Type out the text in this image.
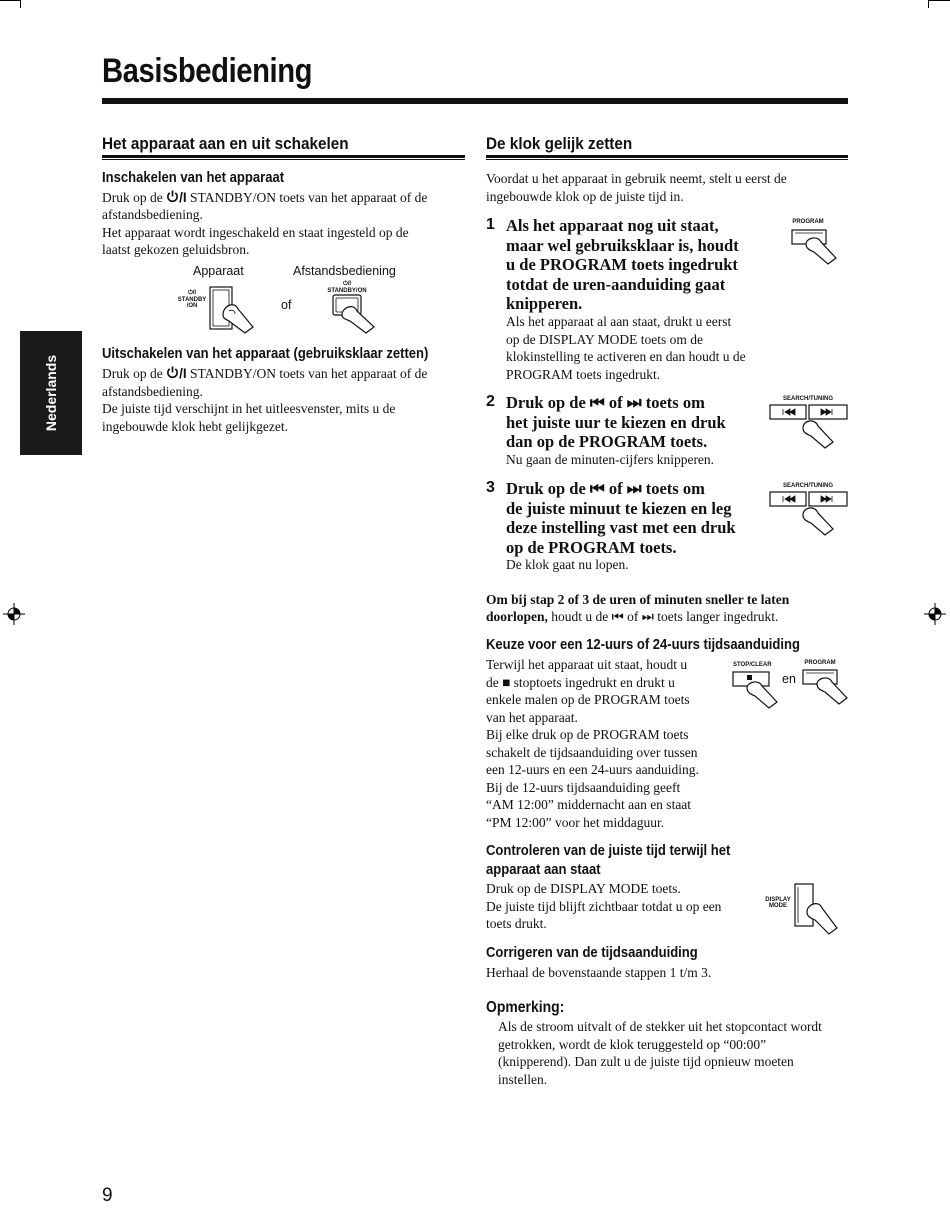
Basisbediening
Nederlands
Het apparaat aan en uit schakelen
Inschakelen van het apparaat
Druk op de /I STANDBY/ON toets van het apparaat of de
afstandsbediening.
Het apparaat wordt ingeschakeld en staat ingesteld op de
laatst gekozen geluidsbron.
Apparaat	Afstandsbediening
⏻/I
STANDBY
/ON	of
⏻/I
STANDBY/ON
Uitschakelen van het apparaat (gebruiksklaar zetten)
Druk op de /I STANDBY/ON toets van het apparaat of de
afstandsbediening.
De juiste tijd verschijnt in het uitleesvenster, mits u de
ingebouwde klok hebt gelijkgezet.
De klok gelijk zetten
Voordat u het apparaat in gebruik neemt, stelt u eerst de
ingebouwde klok op de juiste tijd in.
1 Als het apparaat nog uit staat,
maar wel gebruiksklaar is, houdt
u de PROGRAM toets ingedrukt
totdat de uren-aanduiding gaat
knipperen.
Als het apparaat al aan staat, drukt u eerst
op de DISPLAY MODE toets om de
klokinstelling te activeren en dan houdt u de
PROGRAM toets ingedrukt.
PROGRAM
2 Druk op de ⏮ of ⏭ toets om
het juiste uur te kiezen en druk
dan op de PROGRAM toets.
Nu gaan de minuten-cijfers knipperen.
SEARCH/TUNING
3 Druk op de ⏮ of ⏭ toets om
de juiste minuut te kiezen en leg
deze instelling vast met een druk
op de PROGRAM toets.
De klok gaat nu lopen.
SEARCH/TUNING
Om bij stap 2 of 3 de uren of minuten sneller te laten
doorlopen, houdt u de ⏮ of ⏭ toets langer ingedrukt.
Keuze voor een 12-uurs of 24-uurs tijdsaanduiding
Terwijl het apparaat uit staat, houdt u
de ■ stoptoets ingedrukt en drukt u
enkele malen op de PROGRAM toets
van het apparaat.
Bij elke druk op de PROGRAM toets
schakelt de tijdsaanduiding over tussen
een 12-uurs en een 24-uurs aanduiding.
Bij de 12-uurs tijdsaanduiding geeft
“AM 12:00” middernacht aan en staat
“PM 12:00” voor het middaguur.
STOP/CLEAR
en
PROGRAM
Controleren van de juiste tijd terwijl het
apparaat aan staat
Druk op de DISPLAY MODE toets.
De juiste tijd blijft zichtbaar totdat u op een
toets drukt.
DISPLAY
MODE
Corrigeren van de tijdsaanduiding
Herhaal de bovenstaande stappen 1 t/m 3.
Opmerking:
Als de stroom uitvalt of de stekker uit het stopcontact wordt
getrokken, wordt de klok teruggesteld op “00:00”
(knipperend). Dan zult u de juiste tijd opnieuw moeten
instellen.
9
